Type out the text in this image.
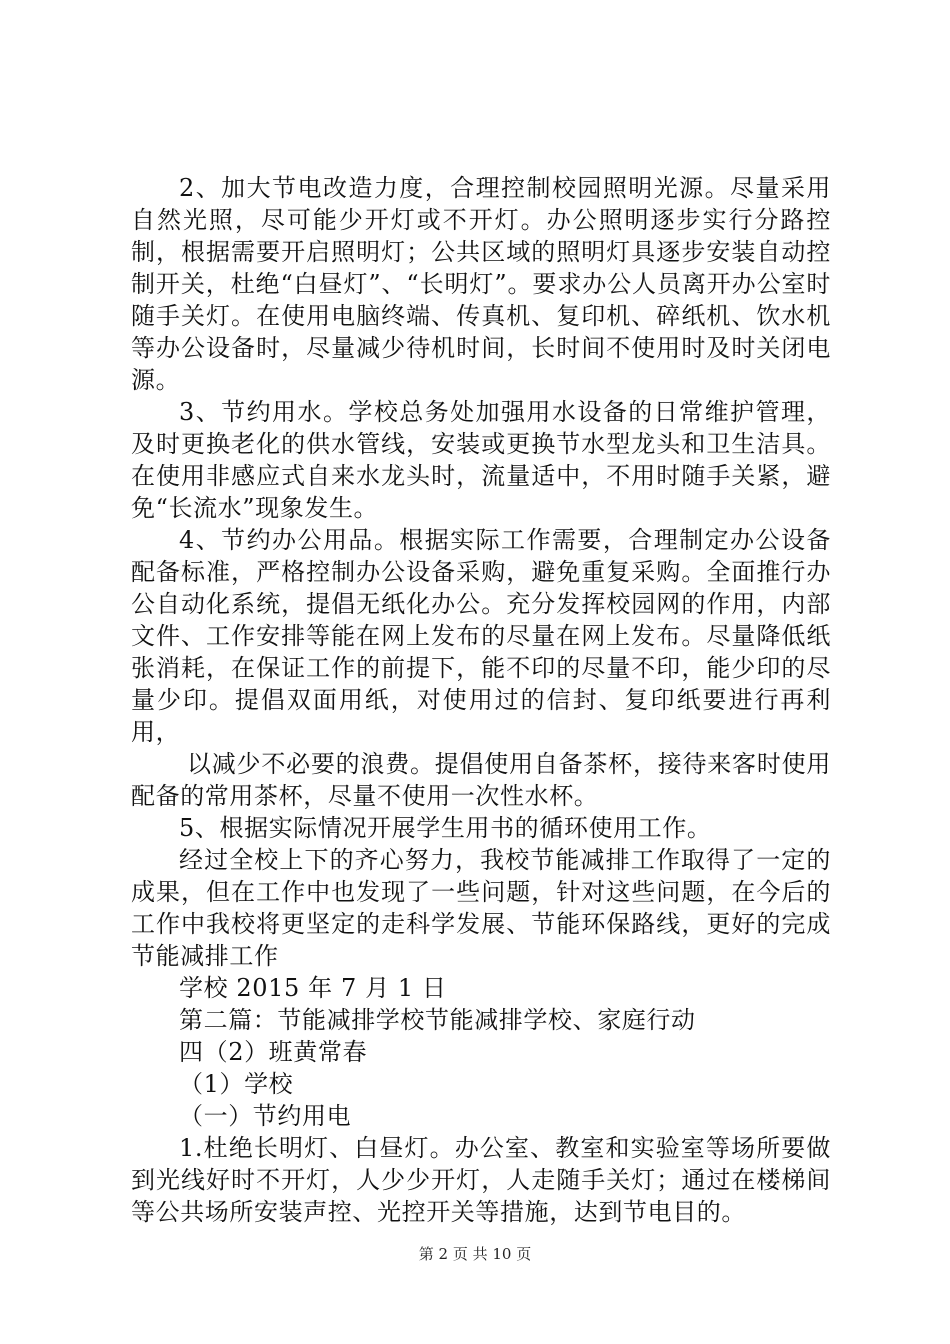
2、加大节电改造力度，合理控制校园照明光源。尽量采用自然光照，尽可能少开灯或不开灯。办公照明逐步实行分路控制，根据需要开启照明灯；公共区域的照明灯具逐步安装自动控制开关，杜绝“白昼灯”、“长明灯”。要求办公人员离开办公室时随手关灯。在使用电脑终端、传真机、复印机、碎纸机、饮水机等办公设备时，尽量减少待机时间，长时间不使用时及时关闭电源。

3、节约用水。学校总务处加强用水设备的日常维护管理，及时更换老化的供水管线，安装或更换节水型龙头和卫生洁具。在使用非感应式自来水龙头时，流量适中，不用时随手关紧，避免“长流水”现象发生。

4、节约办公用品。根据实际工作需要，合理制定办公设备配备标准，严格控制办公设备采购，避免重复采购。全面推行办公自动化系统，提倡无纸化办公。充分发挥校园网的作用，内部文件、工作安排等能在网上发布的尽量在网上发布。尽量降低纸张消耗，在保证工作的前提下，能不印的尽量不印，能少印的尽量少印。提倡双面用纸，对使用过的信封、复印纸要进行再利用，

以减少不必要的浪费。提倡使用自备茶杯，接待来客时使用配备的常用茶杯，尽量不使用一次性水杯。

5、根据实际情况开展学生用书的循环使用工作。

经过全校上下的齐心努力，我校节能减排工作取得了一定的成果，但在工作中也发现了一些问题，针对这些问题，在今后的工作中我校将更坚定的走科学发展、节能环保路线，更好的完成节能减排工作

学校 2015 年 7 月 1 日

第二篇：节能减排学校节能减排学校、家庭行动

四（2）班黄常春

（1）学校

（一）节约用电

1.杜绝长明灯、白昼灯。办公室、教室和实验室等场所要做到光线好时不开灯，人少少开灯，人走随手关灯；通过在楼梯间等公共场所安装声控、光控开关等措施，达到节电目的。

第 2 页 共 10 页
